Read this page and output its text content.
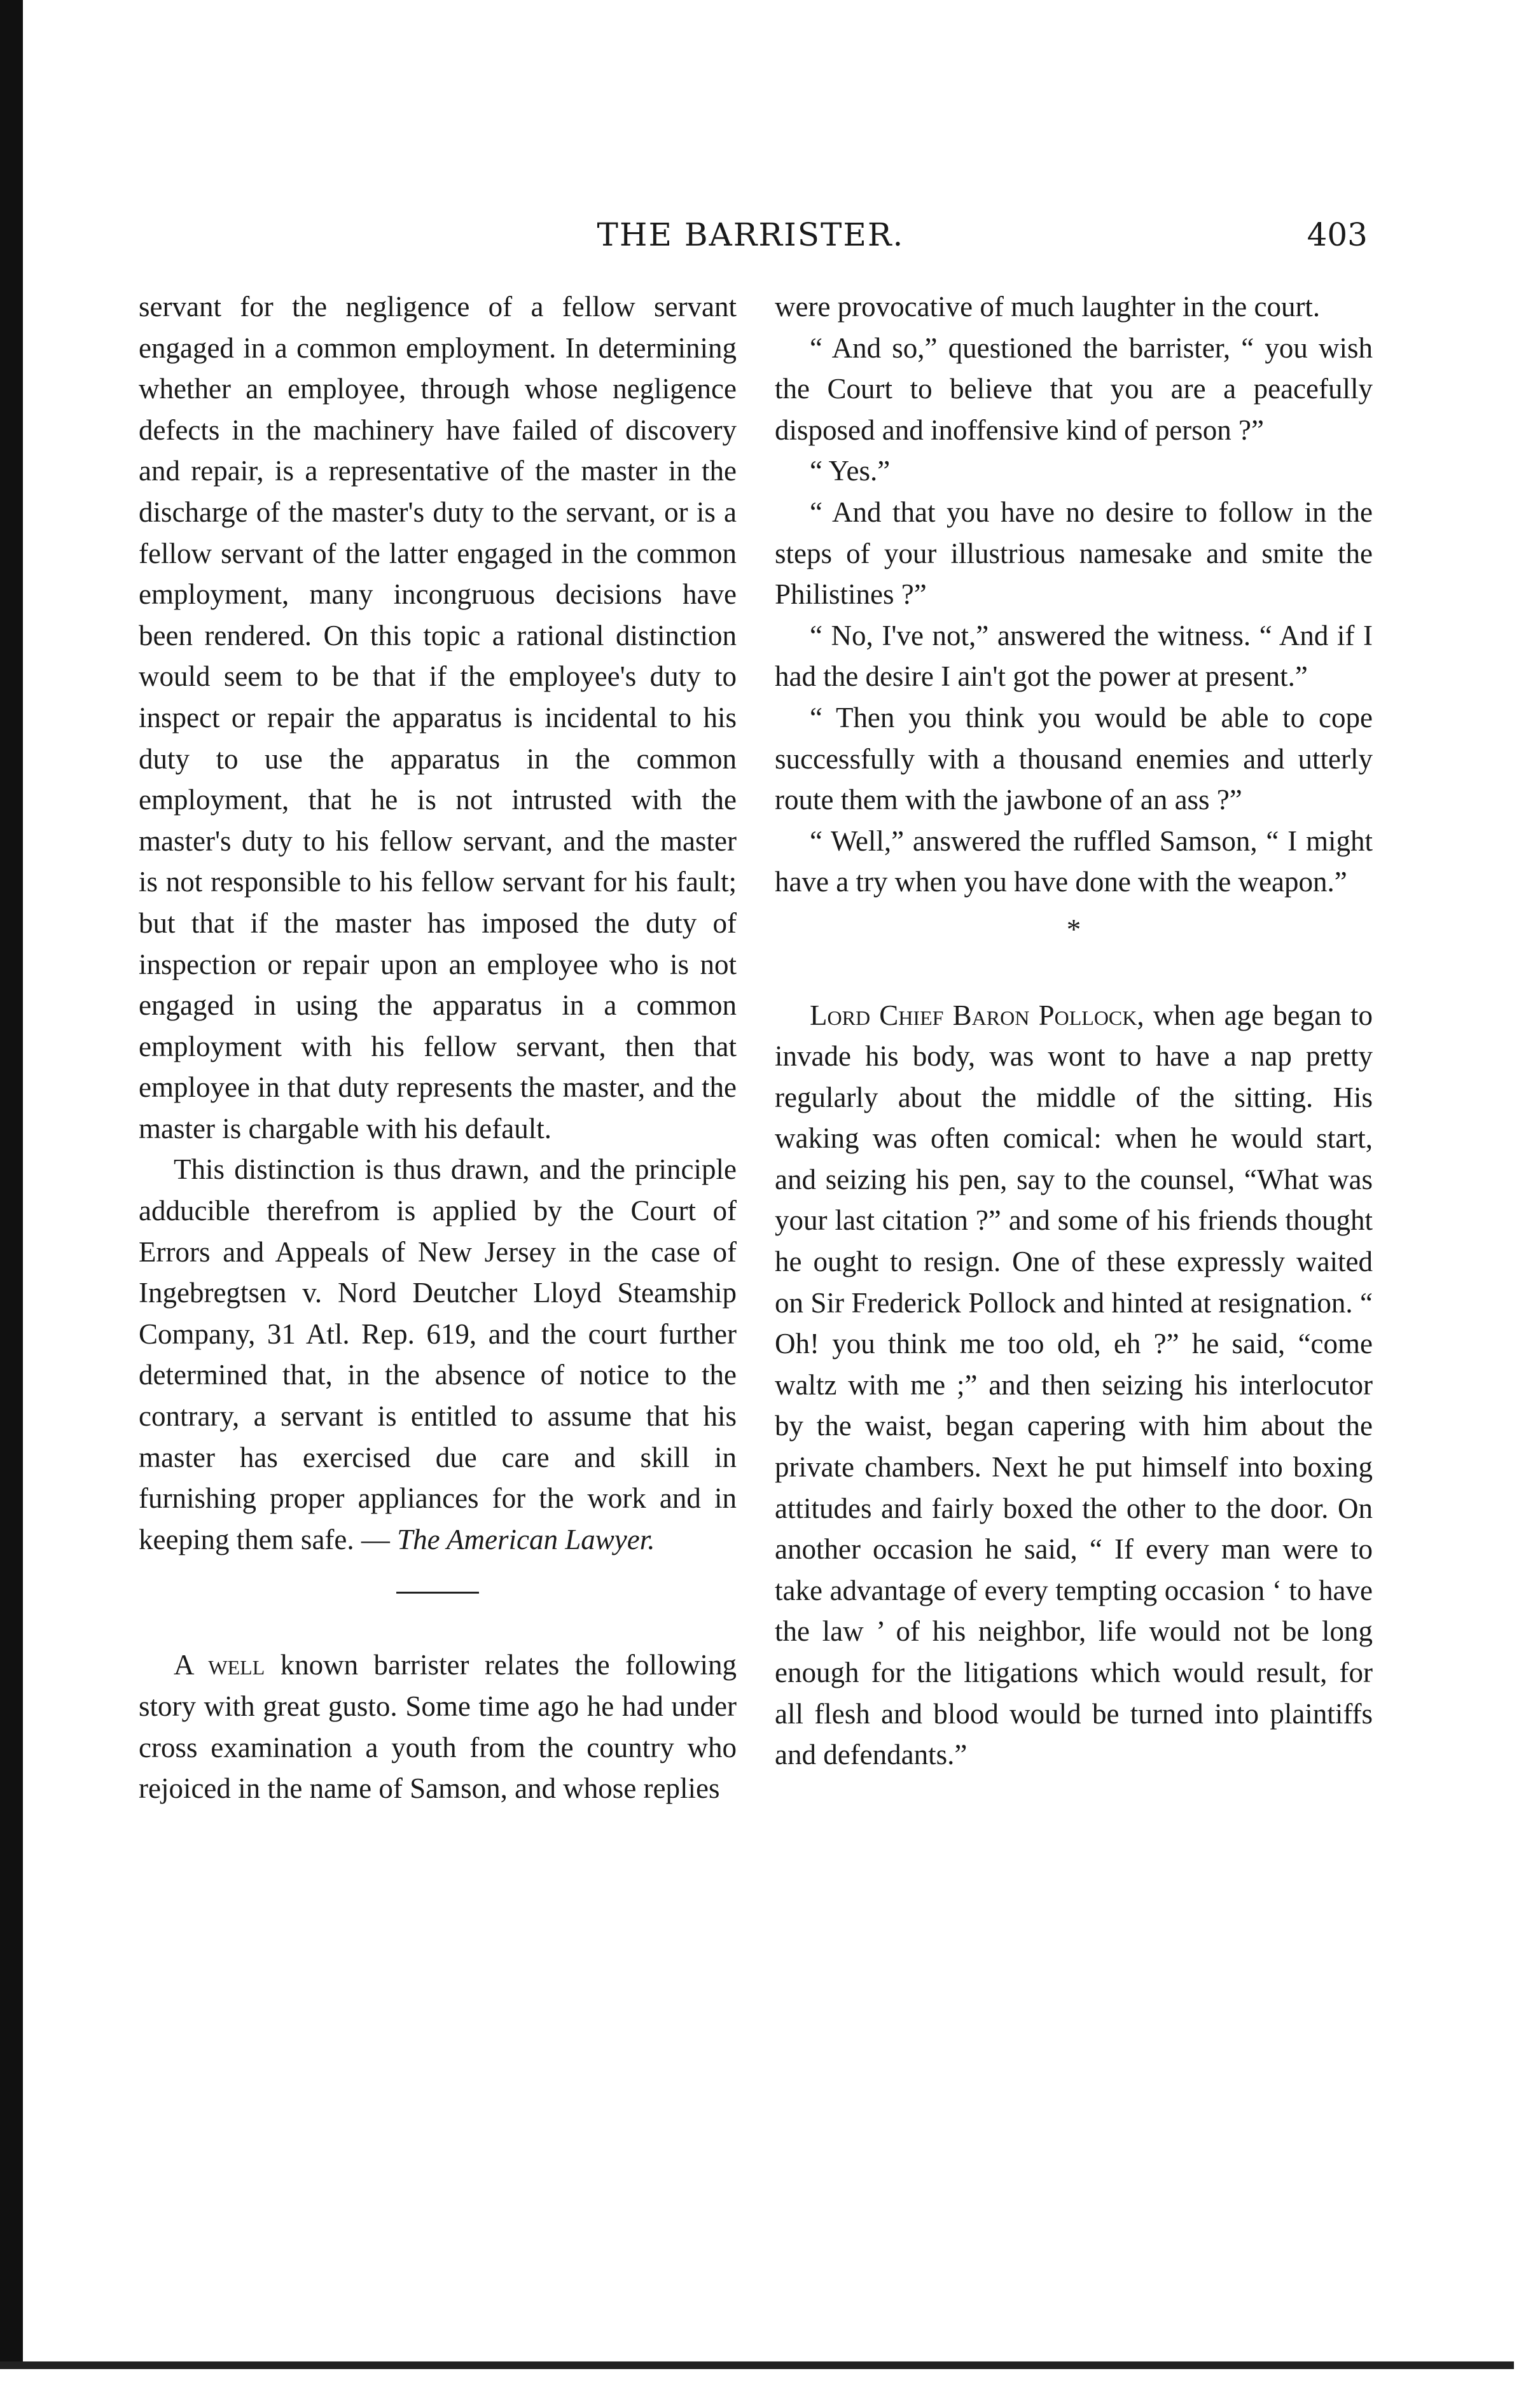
THE BARRISTER.	403

servant for the negligence of a fellow servant engaged in a common employment. In determining whether an employee, through whose negligence defects in the machinery have failed of discovery and repair, is a representative of the master in the discharge of the master's duty to the servant, or is a fellow servant of the latter engaged in the common employment, many incongruous decisions have been rendered. On this topic a rational distinction would seem to be that if the employee's duty to inspect or repair the apparatus is incidental to his duty to use the apparatus in the common employment, that he is not intrusted with the master's duty to his fellow servant, and the master is not responsible to his fellow servant for his fault; but that if the master has imposed the duty of inspection or repair upon an employee who is not engaged in using the apparatus in a common employment with his fellow servant, then that employee in that duty represents the master, and the master is chargable with his default.

This distinction is thus drawn, and the principle adducible therefrom is applied by the Court of Errors and Appeals of New Jersey in the case of Ingebregtsen v. Nord Deutcher Lloyd Steamship Company, 31 Atl. Rep. 619, and the court further determined that, in the absence of notice to the contrary, a servant is entitled to assume that his master has exercised due care and skill in furnishing proper appliances for the work and in keeping them safe. — The American Lawyer.

A well known barrister relates the following story with great gusto. Some time ago he had under cross examination a youth from the country who rejoiced in the name of Samson, and whose replies

were provocative of much laughter in the court.

“ And so,” questioned the barrister, “ you wish the Court to believe that you are a peacefully disposed and inoffensive kind of person ?”

“ Yes.”

“ And that you have no desire to follow in the steps of your illustrious namesake and smite the Philistines ?”

“ No, I've not,” answered the witness. “ And if I had the desire I ain't got the power at present.”

“ Then you think you would be able to cope successfully with a thousand enemies and utterly route them with the jawbone of an ass ?”

“ Well,” answered the ruffled Samson, “ I might have a try when you have done with the weapon.”

*

Lord Chief Baron Pollock, when age began to invade his body, was wont to have a nap pretty regularly about the middle of the sitting. His waking was often comical: when he would start, and seizing his pen, say to the counsel, “What was your last citation ?” and some of his friends thought he ought to resign. One of these expressly waited on Sir Frederick Pollock and hinted at resignation. “ Oh! you think me too old, eh ?” he said, “come waltz with me ;” and then seizing his interlocutor by the waist, began capering with him about the private chambers. Next he put himself into boxing attitudes and fairly boxed the other to the door. On another occasion he said, “ If every man were to take advantage of every tempting occasion ‘ to have the law ’ of his neighbor, life would not be long enough for the litigations which would result, for all flesh and blood would be turned into plaintiffs and defendants.”
